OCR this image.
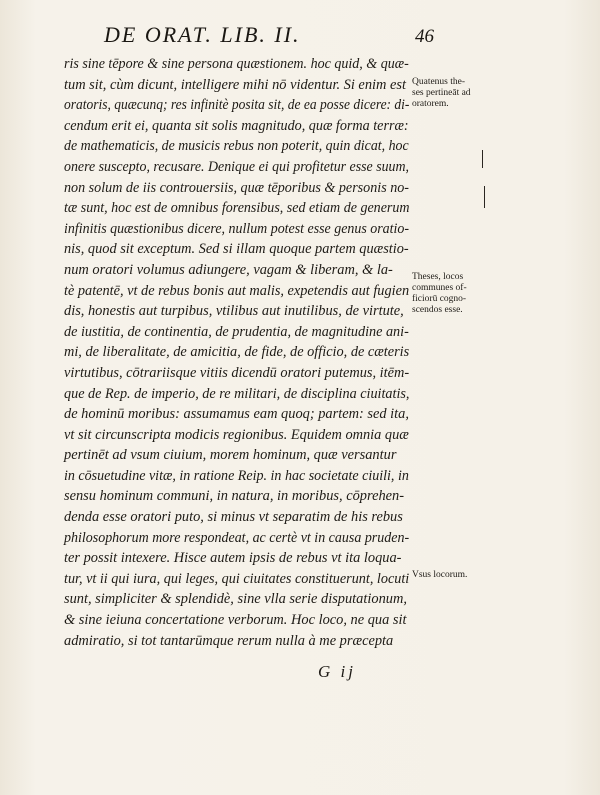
DE ORAT. LIB. II.	46
ris sine tēpore & sine persona quæstionem. hoc quid, & quæ-
tum sit, cùm dicunt, intelligere mihi nō videntur. Si enim est
oratoris, quæcunq; res infinitè posita sit, de ea posse dicere: di-
cendum erit ei, quanta sit solis magnitudo, quæ forma terræ:
de mathematicis, de musicis rebus non poterit, quin dicat, hoc
onere suscepto, recusare. Denique ei qui profitetur esse suum,
non solum de iis controuersiis, quæ tēporibus & personis no-
tæ sunt, hoc est de omnibus forensibus, sed etiam de generum
infinitis quæstionibus dicere, nullum potest esse genus oratio-
nis, quod sit exceptum. Sed si illam quoque partem quæstio-
num oratori volumus adiungere, vagam & liberam, & la-
tè patentē, vt de rebus bonis aut malis, expetendis aut fugien
dis, honestis aut turpibus, vtilibus aut inutilibus, de virtute,
de iustitia, de continentia, de prudentia, de magnitudine ani-
mi, de liberalitate, de amicitia, de fide, de officio, de cæteris
virtutibus, cōtrariisque vitiis dicendū oratori putemus, itēm-
que de Rep. de imperio, de re militari, de disciplina ciuitatis,
de hominū moribus: assumamus eam quoq; partem: sed ita,
vt sit circunscripta modicis regionibus. Equidem omnia quæ
pertinēt ad vsum ciuium, morem hominum, quæ versantur
in cōsuetudine vitæ, in ratione Reip. in hac societate ciuili, in
sensu hominum communi, in natura, in moribus, cōprehen-
denda esse oratori puto, si minus vt separatim de his rebus
philosophorum more respondeat, ac certè vt in causa pruden-
ter possit intexere. Hisce autem ipsis de rebus vt ita loqua-
tur, vt ii qui iura, qui leges, qui ciuitates constituerunt, locuti
sunt, simpliciter & splendidè, sine vlla serie disputationum,
& sine ieiuna concertatione verborum. Hoc loco, ne qua sit
admiratio, si tot tantarūmque rerum nulla à me præcepta
G ij
Quatenus the-
ses pertineāt ad
oratorem.
Theses, locos
communes of-
ficiorū cogno-
scendos esse.
Vsus locorum.
